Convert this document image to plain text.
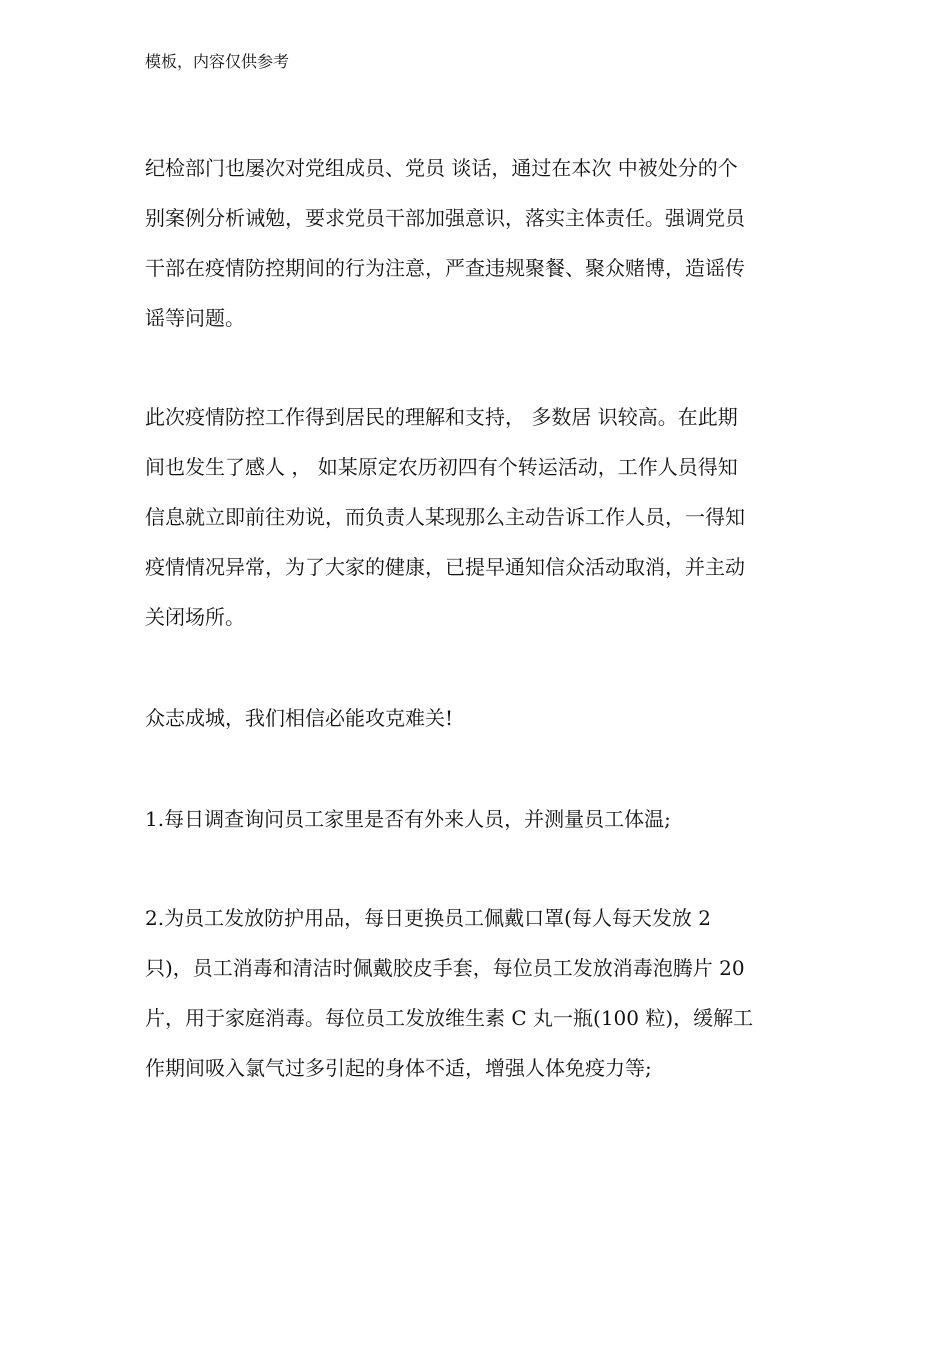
模板，内容仅供参考
纪检部门也屡次对党组成员、党员 谈话，通过在本次 中被处分的个
别案例分析诫勉，要求党员干部加强意识，落实主体责任。强调党员
干部在疫情防控期间的行为注意，严查违规聚餐、聚众赌博，造谣传
谣等问题。
此次疫情防控工作得到居民的理解和支持， 多数居 识较高。在此期
间也发生了感人 ， 如某原定农历初四有个转运活动，工作人员得知
信息就立即前往劝说，而负责人某现那么主动告诉工作人员，一得知
疫情情况异常，为了大家的健康，已提早通知信众活动取消，并主动
关闭场所。
众志成城，我们相信必能攻克难关!
1.每日调查询问员工家里是否有外来人员，并测量员工体温;
2.为员工发放防护用品，每日更换员工佩戴口罩(每人每天发放 2
只)，员工消毒和清洁时佩戴胶皮手套，每位员工发放消毒泡腾片 20
片，用于家庭消毒。每位员工发放维生素 C 丸一瓶(100 粒)，缓解工
作期间吸入氯气过多引起的身体不适，增强人体免疫力等;
